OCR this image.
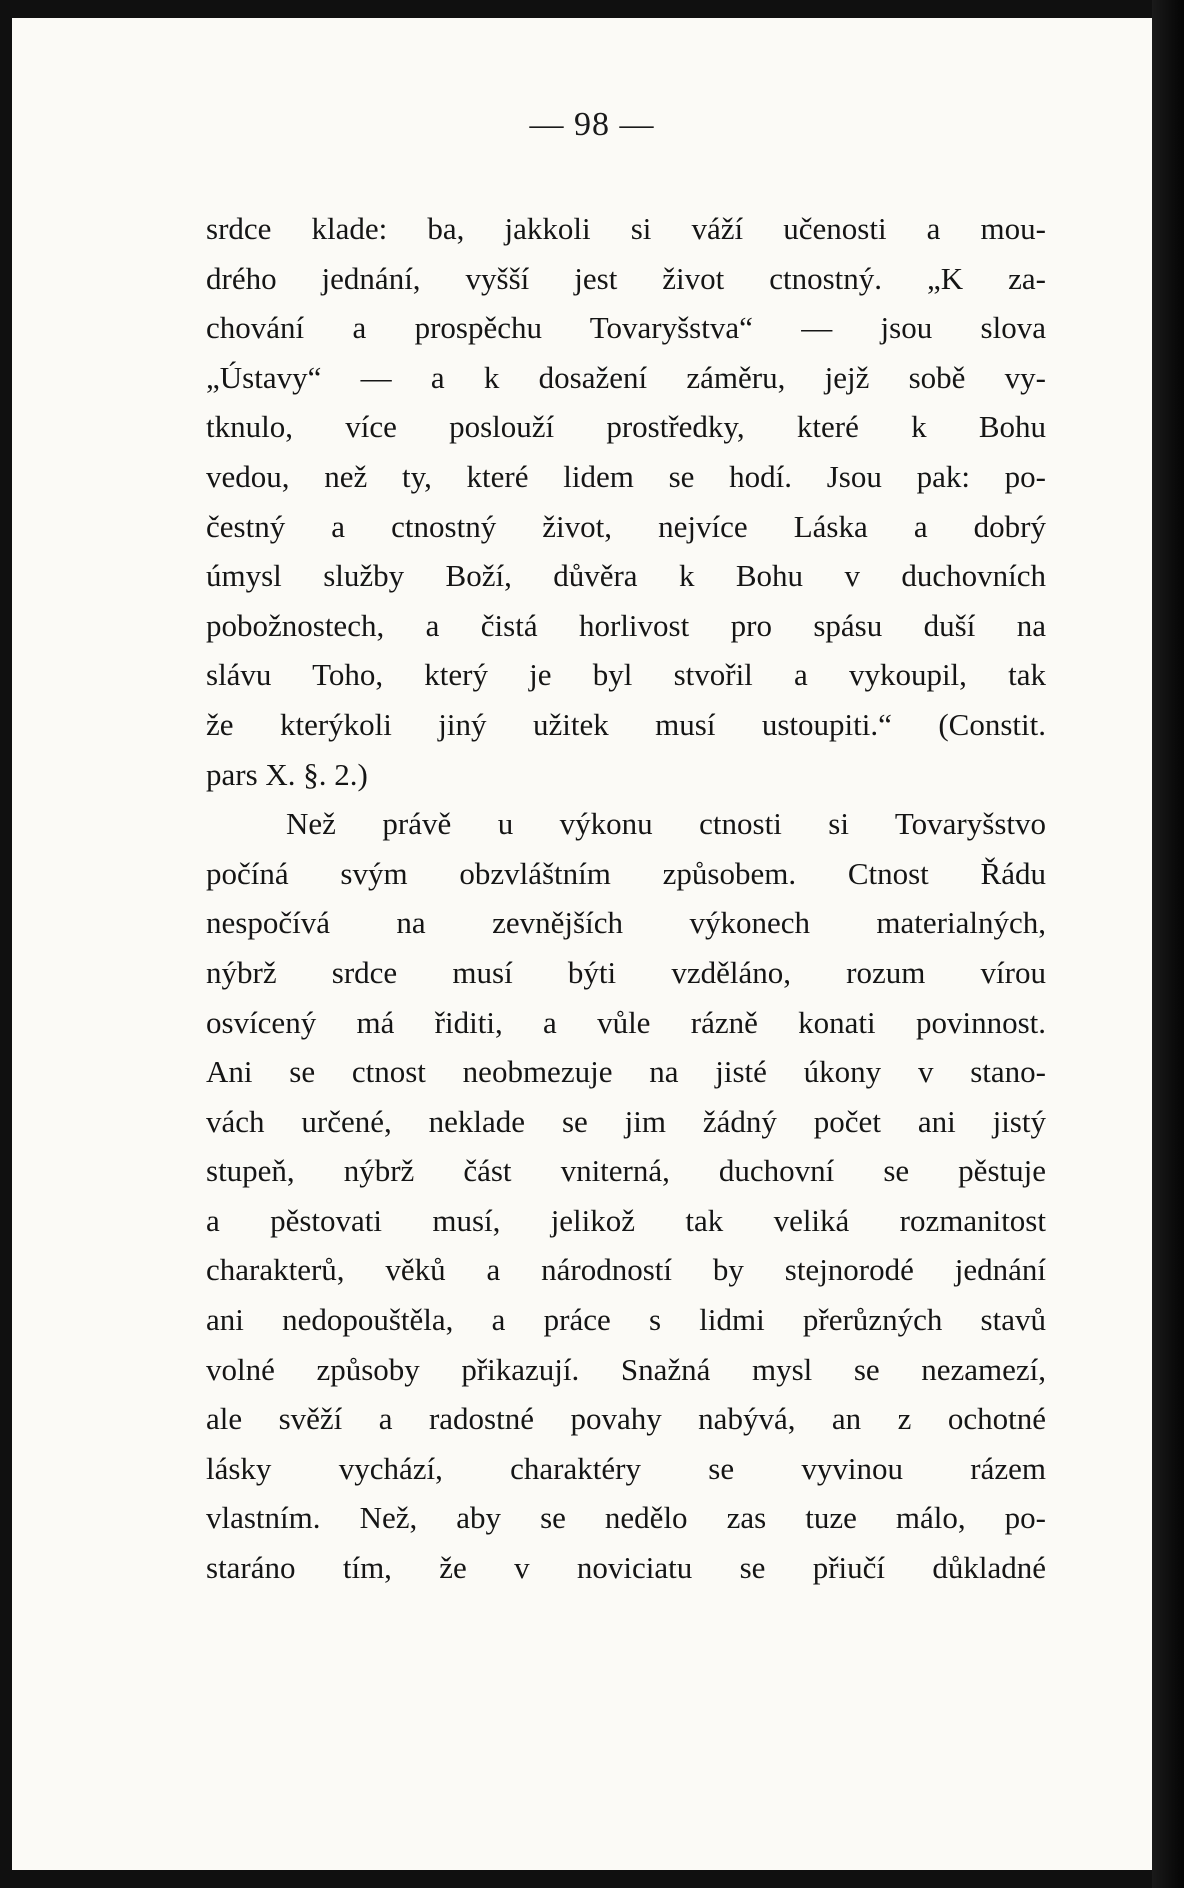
— 98 —
srdce klade: ba, jakkoli si váží učenosti a mou-
drého jednání, vyšší jest život ctnostný. „K za-
chování a prospěchu Tovaryšstva“ — jsou slova
„Ústavy“ — a k dosažení záměru, jejž sobě vy-
tknulo, více poslouží prostředky, které k Bohu
vedou, než ty, které lidem se hodí. Jsou pak: po-
čestný a ctnostný život, nejvíce Láska a dobrý
úmysl služby Boží, důvěra k Bohu v duchovních
pobožnostech, a čistá horlivost pro spásu duší na
slávu Toho, který je byl stvořil a vykoupil, tak
že kterýkoli jiný užitek musí ustoupiti.“ (Constit.
pars X. §. 2.)
Než právě u výkonu ctnosti si Tovaryšstvo
počíná svým obzvláštním způsobem. Ctnost Řádu
nespočívá na zevnějších výkonech materialných,
nýbrž srdce musí býti vzděláno, rozum vírou
osvícený má řiditi, a vůle rázně konati povinnost.
Ani se ctnost neobmezuje na jisté úkony v stano-
vách určené, neklade se jim žádný počet ani jistý
stupeň, nýbrž část vniterná, duchovní se pěstuje
a pěstovati musí, jelikož tak veliká rozmanitost
charakterů, věků a národností by stejnorodé jednání
ani nedopouštěla, a práce s lidmi přerůzných stavů
volné způsoby přikazují. Snažná mysl se nezamezí,
ale svěží a radostné povahy nabývá, an z ochotné
lásky vychází, charaktéry se vyvinou rázem
vlastním. Než, aby se nedělo zas tuze málo, po-
staráno tím, že v noviciatu se přiučí důkladné
